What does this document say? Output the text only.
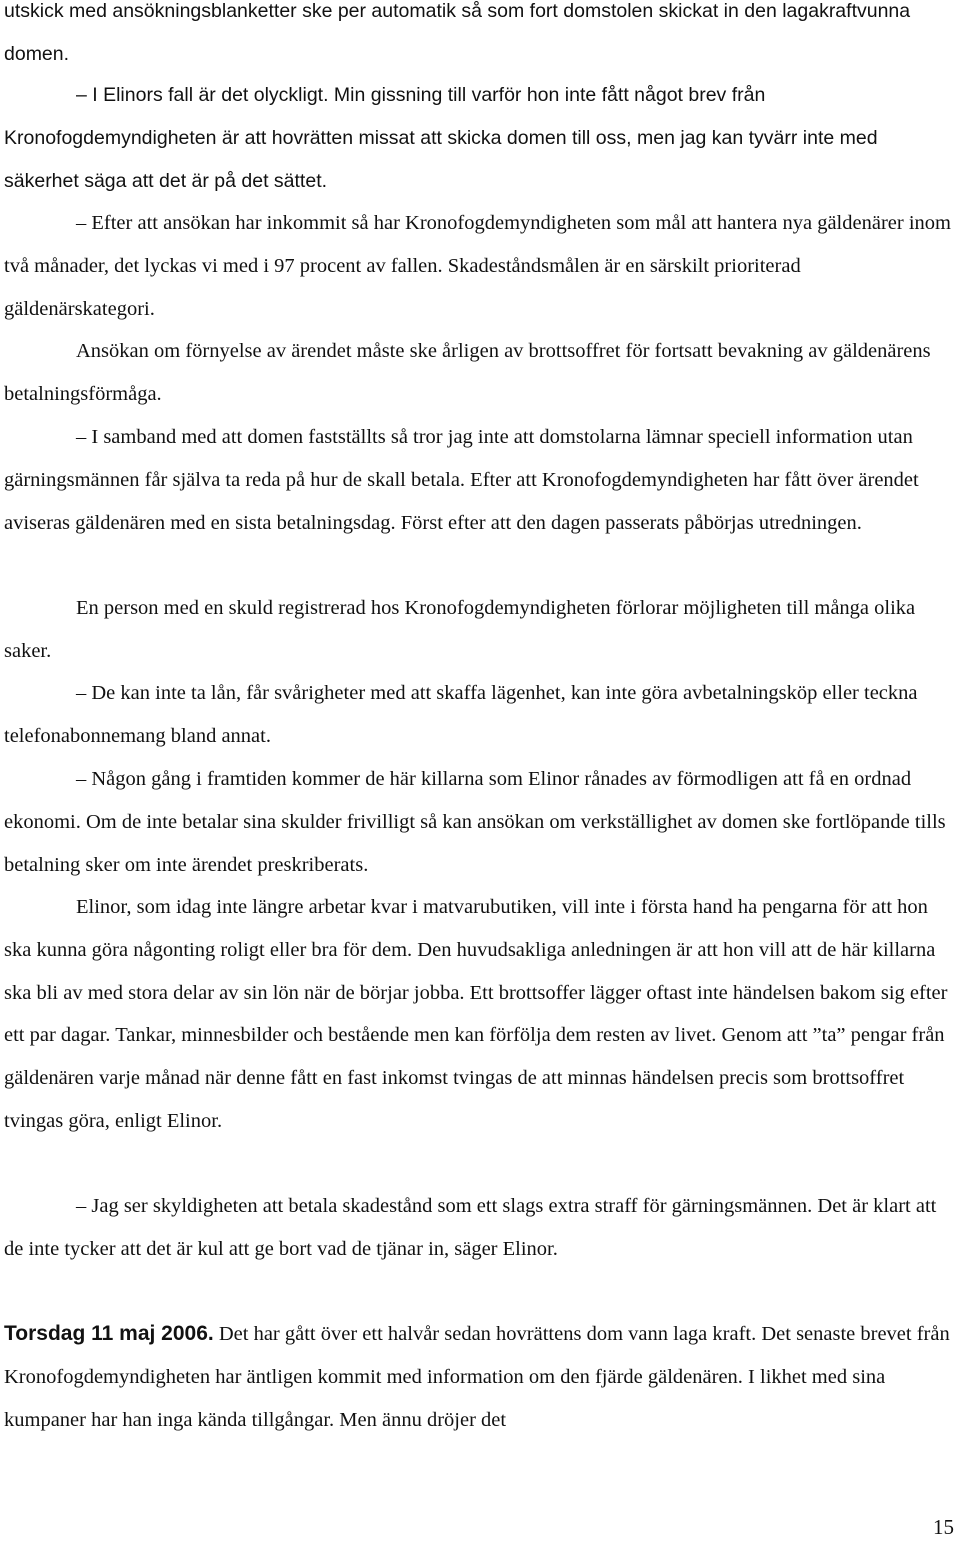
utskick med ansökningsblanketter ske per automatik så som fort domstolen skickat in den lagakraftvunna domen.

– I Elinors fall är det olyckligt. Min gissning till varför hon inte fått något brev från Kronofogdemyndigheten är att hovrätten missat att skicka domen till oss, men jag kan tyvärr inte med säkerhet säga att det är på det sättet.

– Efter att ansökan har inkommit så har Kronofogdemyndigheten som mål att hantera nya gäldenärer inom två månader, det lyckas vi med i 97 procent av fallen. Skadeståndsmålen är en särskilt prioriterad gäldenärskategori.

Ansökan om förnyelse av ärendet måste ske årligen av brottsoffret för fortsatt bevakning av gäldenärens betalningsförmåga.

– I samband med att domen fastställts så tror jag inte att domstolarna lämnar speciell information utan gärningsmännen får själva ta reda på hur de skall betala. Efter att Kronofogdemyndigheten har fått över ärendet aviseras gäldenären med en sista betalningsdag. Först efter att den dagen passerats påbörjas utredningen.

En person med en skuld registrerad hos Kronofogdemyndigheten förlorar möjligheten till många olika saker.

– De kan inte ta lån, får svårigheter med att skaffa lägenhet, kan inte göra avbetalningsköp eller teckna telefonabonnemang bland annat.

– Någon gång i framtiden kommer de här killarna som Elinor rånades av förmodligen att få en ordnad ekonomi. Om de inte betalar sina skulder frivilligt så kan ansökan om verkställighet av domen ske fortlöpande tills betalning sker om inte ärendet preskriberats.

Elinor, som idag inte längre arbetar kvar i matvarubutiken, vill inte i första hand ha pengarna för att hon ska kunna göra någonting roligt eller bra för dem. Den huvudsakliga anledningen är att hon vill att de här killarna ska bli av med stora delar av sin lön när de börjar jobba. Ett brottsoffer lägger oftast inte händelsen bakom sig efter ett par dagar. Tankar, minnesbilder och bestående men kan förfölja dem resten av livet. Genom att ”ta” pengar från gäldenären varje månad när denne fått en fast inkomst tvingas de att minnas händelsen precis som brottsoffret tvingas göra, enligt Elinor.

– Jag ser skyldigheten att betala skadestånd som ett slags extra straff för gärningsmännen. Det är klart att de inte tycker att det är kul att ge bort vad de tjänar in, säger Elinor.

Torsdag 11 maj 2006. Det har gått över ett halvår sedan hovrättens dom vann laga kraft. Det senaste brevet från Kronofogdemyndigheten har äntligen kommit med information om den fjärde gäldenären. I likhet med sina kumpaner har han inga kända tillgångar. Men ännu dröjer det

15
